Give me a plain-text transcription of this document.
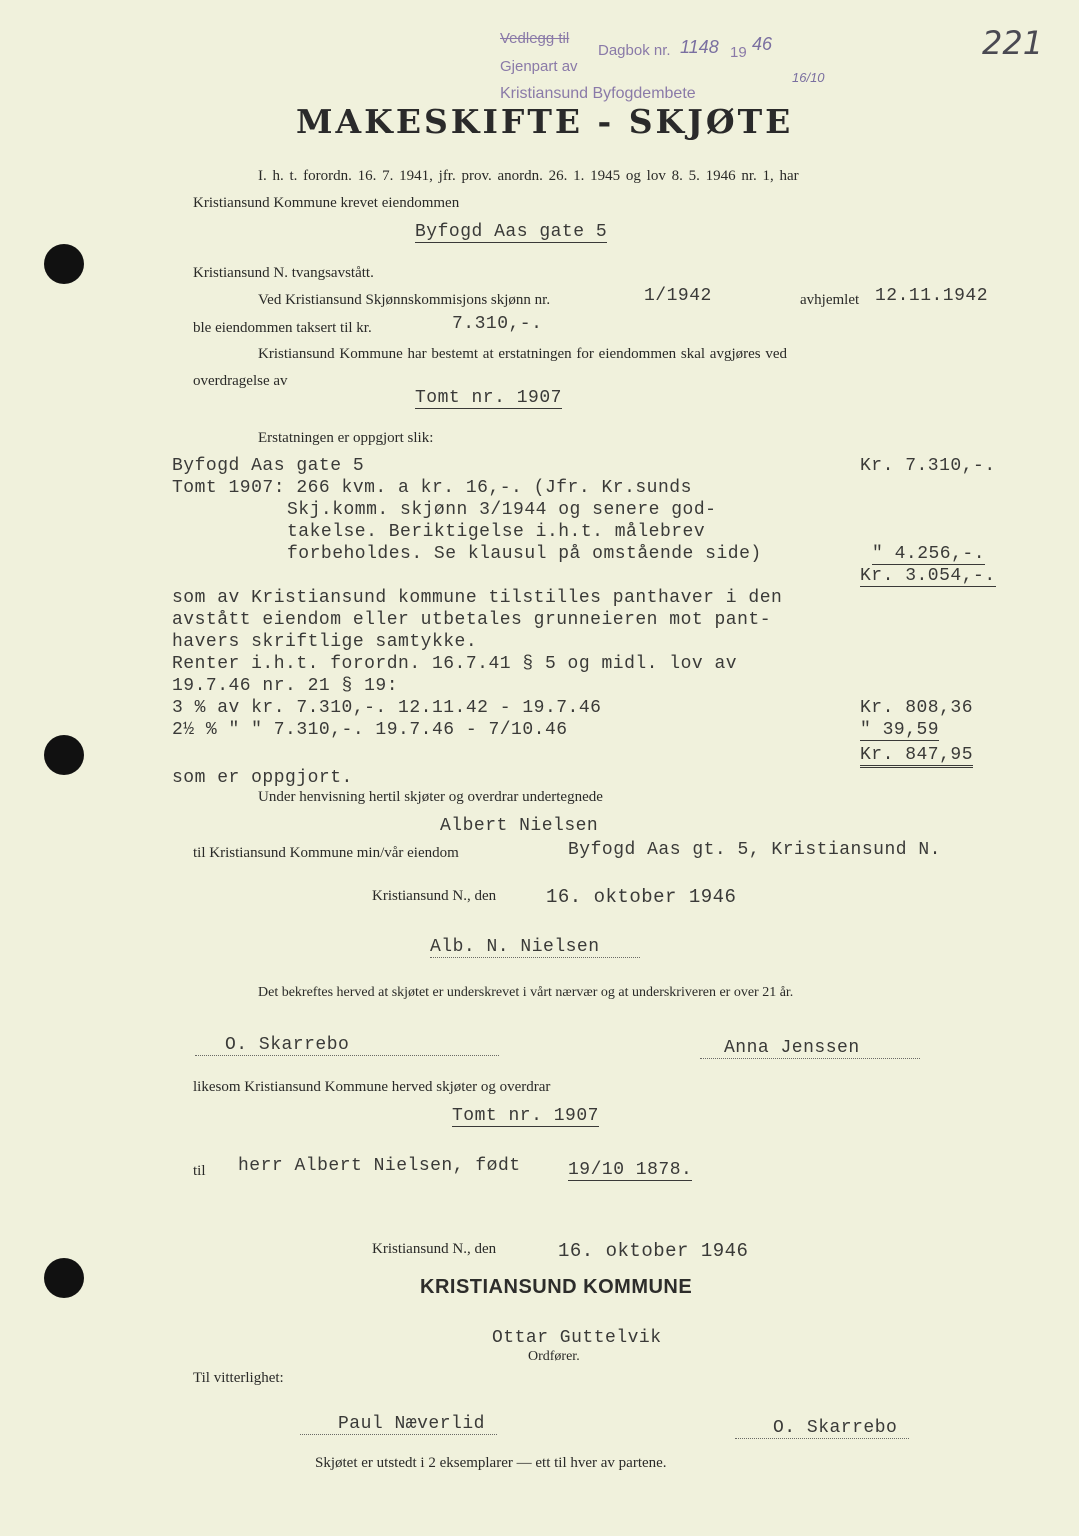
Vedlegg til
Gjenpart av
Kristiansund Byfogdembete
Dagbok nr. 1148 19 46
16/10
221
MAKESKIFTE - SKJØTE
I. h. t. forordn. 16. 7. 1941, jfr. prov. anordn. 26. 1. 1945 og lov 8. 5. 1946 nr. 1, har
Kristiansund Kommune krevet eiendommen
Byfogd Aas gate 5
Kristiansund N. tvangsavstått.
Ved Kristiansund Skjønnskommisjons skjønn nr.	1/1942	avhjemlet 12.11.1942
ble eiendommen taksert til kr.	7.310,-.
Kristiansund Kommune har bestemt at erstatningen for eiendommen skal avgjøres ved
overdragelse av
Tomt nr. 1907
Erstatningen er oppgjort slik:
Byfogd Aas gate 5	Kr. 7.310,-.
Tomt 1907: 266 kvm. a kr. 16,-. (Jfr. Kr.sunds
Skj.komm. skjønn 3/1944 og senere god-
takelse. Beriktigelse i.h.t. målebrev
forbeholdes. Se klausul på omstående side)	" 4.256,-.
Kr. 3.054,-.
som av Kristiansund kommune tilstilles panthaver i den
avstått eiendom eller utbetales grunneieren mot pant-
havers skriftlige samtykke.
Renter i.h.t. forordn. 16.7.41 § 5 og midl. lov av
19.7.46 nr. 21 § 19:
3 % av kr. 7.310,-. 12.11.42 - 19.7.46	Kr. 808,36
2½ % " " 7.310,-. 19.7.46 - 7/10.46	" 39,59
Kr. 847,95
som er oppgjort.
Under henvisning hertil skjøter og overdrar undertegnede
Albert Nielsen
til Kristiansund Kommune min/vår eiendom	Byfogd Aas gt. 5, Kristiansund N.
Kristiansund N., den	16. oktober 1946
Alb. N. Nielsen
Det bekreftes herved at skjøtet er underskrevet i vårt nærvær og at underskriveren er over 21 år.
O. Skarrebo	Anna Jenssen
likesom Kristiansund Kommune herved skjøter og overdrar
Tomt nr. 1907
til herr Albert Nielsen, født	19/10 1878.
Kristiansund N., den	16. oktober 1946
KRISTIANSUND KOMMUNE
Ottar Guttelvik
Ordfører.
Til vitterlighet:
Paul Næverlid	O. Skarrebo
Skjøtet er utstedt i 2 eksemplarer — ett til hver av partene.
